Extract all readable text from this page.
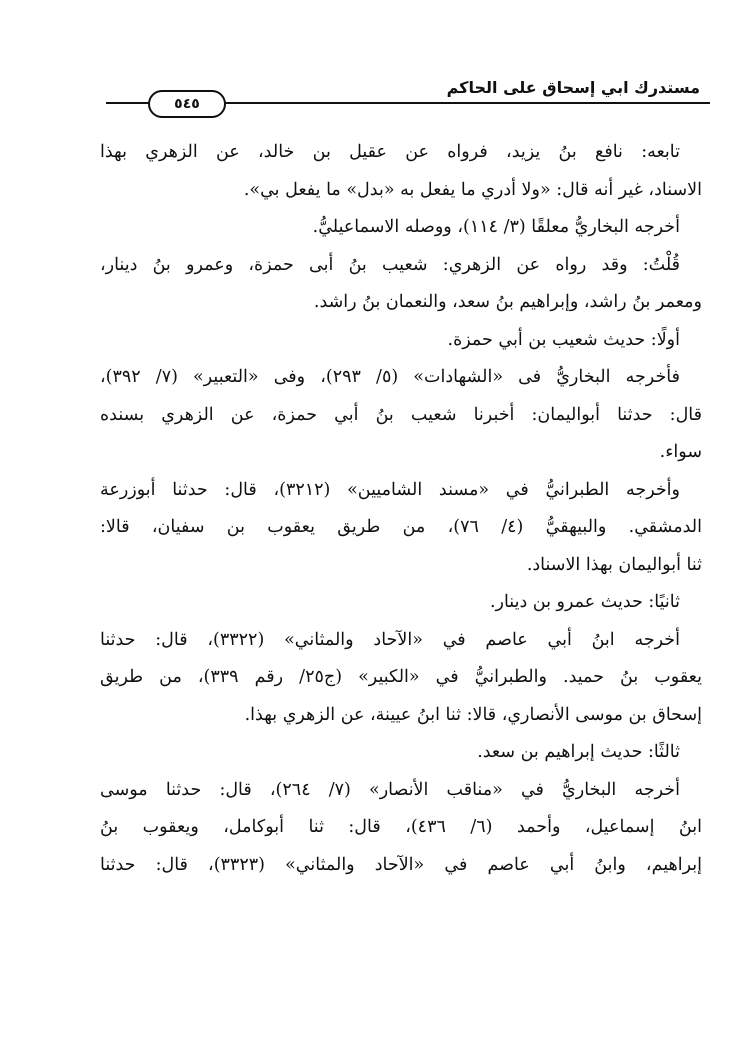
مستدرك ابي إسحاق على الحاكم
٥٤٥
تابعه: نافع بنُ يزيد، فرواه عن عقيل بن خالد، عن الزهري بهذا
الاسناد، غير أنه قال: «ولا أدري ما يفعل به «بدل» ما يفعل بي».
أخرجه البخاريُّ معلقًا (٣/ ١١٤)، ووصله الاسماعيليُّ.
قُلْتُ: وقد رواه عن الزهري: شعيب بنُ أبى حمزة، وعمرو بنُ دينار،
ومعمر بنُ راشد، وإبراهيم بنُ سعد، والنعمان بنُ راشد.
أولًا: حديث شعيب بن أبي حمزة.
فأخرجه البخاريُّ فى «الشهادات» (٥/ ٢٩٣)، وفى «التعبير» (٧/ ٣٩٢)،
قال: حدثنا أبواليمان: أخبرنا شعيب بنُ أبي حمزة، عن الزهري بسنده
سواء.
وأخرجه الطبرانيُّ في «مسند الشاميين» (٣٢١٢)، قال: حدثنا أبوزرعة
الدمشقي. والبيهقيُّ (٤/ ٧٦)، من طريق يعقوب بن سفيان، قالا:
ثنا أبواليمان بهذا الاسناد.
ثانيًا: حديث عمرو بن دينار.
أخرجه ابنُ أبي عاصم في «الآحاد والمثاني» (٣٣٢٢)، قال: حدثنا
يعقوب بنُ حميد. والطبرانيُّ في «الكبير» (ج٢٥/ رقم ٣٣٩)، من طريق
إسحاق بن موسى الأنصاري، قالا: ثنا ابنُ عيينة، عن الزهري بهذا.
ثالثًا: حديث إبراهيم بن سعد.
أخرجه البخاريُّ في «مناقب الأنصار» (٧/ ٢٦٤)، قال: حدثنا موسى
ابنُ إسماعيل، وأحمد (٦/ ٤٣٦)، قال: ثنا أبوكامل، ويعقوب بنُ
إبراهيم، وابنُ أبي عاصم في «الآحاد والمثاني» (٣٣٢٣)، قال: حدثنا
